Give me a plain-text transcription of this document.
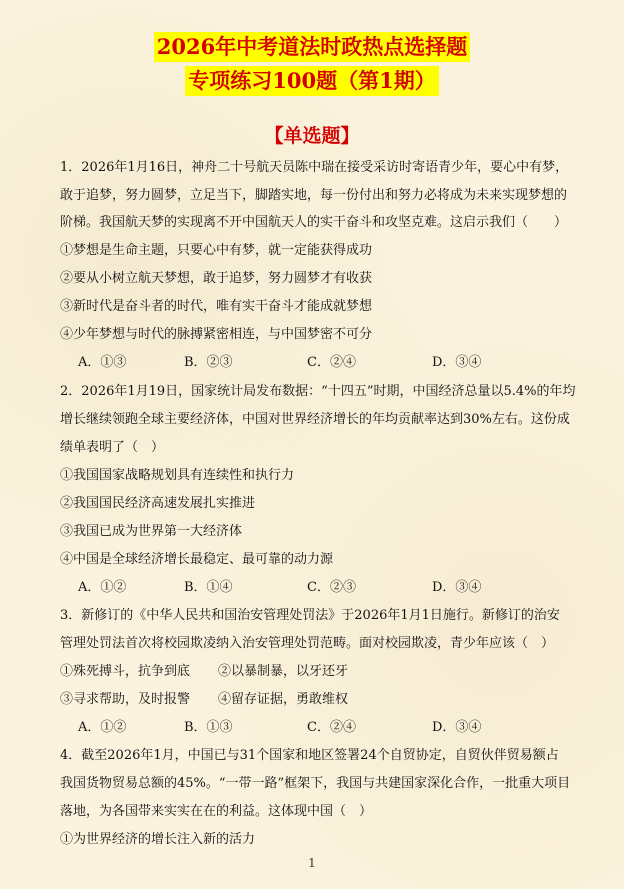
2026年中考道法时政热点选择题
专项练习100题（第1期）
【单选题】
1．2026年1月16日，神舟二十号航天员陈中瑞在接受采访时寄语青少年，要心中有梦，
敢于追梦，努力圆梦，立足当下，脚踏实地，每一份付出和努力必将成为未来实现梦想的
阶梯。我国航天梦的实现离不开中国航天人的实干奋斗和攻坚克难。这启示我们（　　）
①梦想是生命主题，只要心中有梦，就一定能获得成功
②要从小树立航天梦想，敢于追梦，努力圆梦才有收获
③新时代是奋斗者的时代，唯有实干奋斗才能成就梦想
④少年梦想与时代的脉搏紧密相连，与中国梦密不可分
A．①③	B．②③	C．②④	D．③④
2．2026年1月19日，国家统计局发布数据：“十四五”时期，中国经济总量以5.4%的年均
增长继续领跑全球主要经济体，中国对世界经济增长的年均贡献率达到30%左右。这份成
绩单表明了（　）
①我国国家战略规划具有连续性和执行力
②我国国民经济高速发展扎实推进
③我国已成为世界第一大经济体
④中国是全球经济增长最稳定、最可靠的动力源
A．①②	B．①④	C．②③	D．③④
3．新修订的《中华人民共和国治安管理处罚法》于2026年1月1日施行。新修订的治安
管理处罚法首次将校园欺凌纳入治安管理处罚范畴。面对校园欺凌，青少年应该（　）
①殊死搏斗，抗争到底 ②以暴制暴，以牙还牙
③寻求帮助，及时报警 ④留存证据，勇敢维权
A．①②	B．①③	C．②④	D．③④
4．截至2026年1月，中国已与31个国家和地区签署24个自贸协定，自贸伙伴贸易额占
我国货物贸易总额的45%。“一带一路”框架下，我国与共建国家深化合作，一批重大项目
落地，为各国带来实实在在的利益。这体现中国（　）
①为世界经济的增长注入新的活力
1
